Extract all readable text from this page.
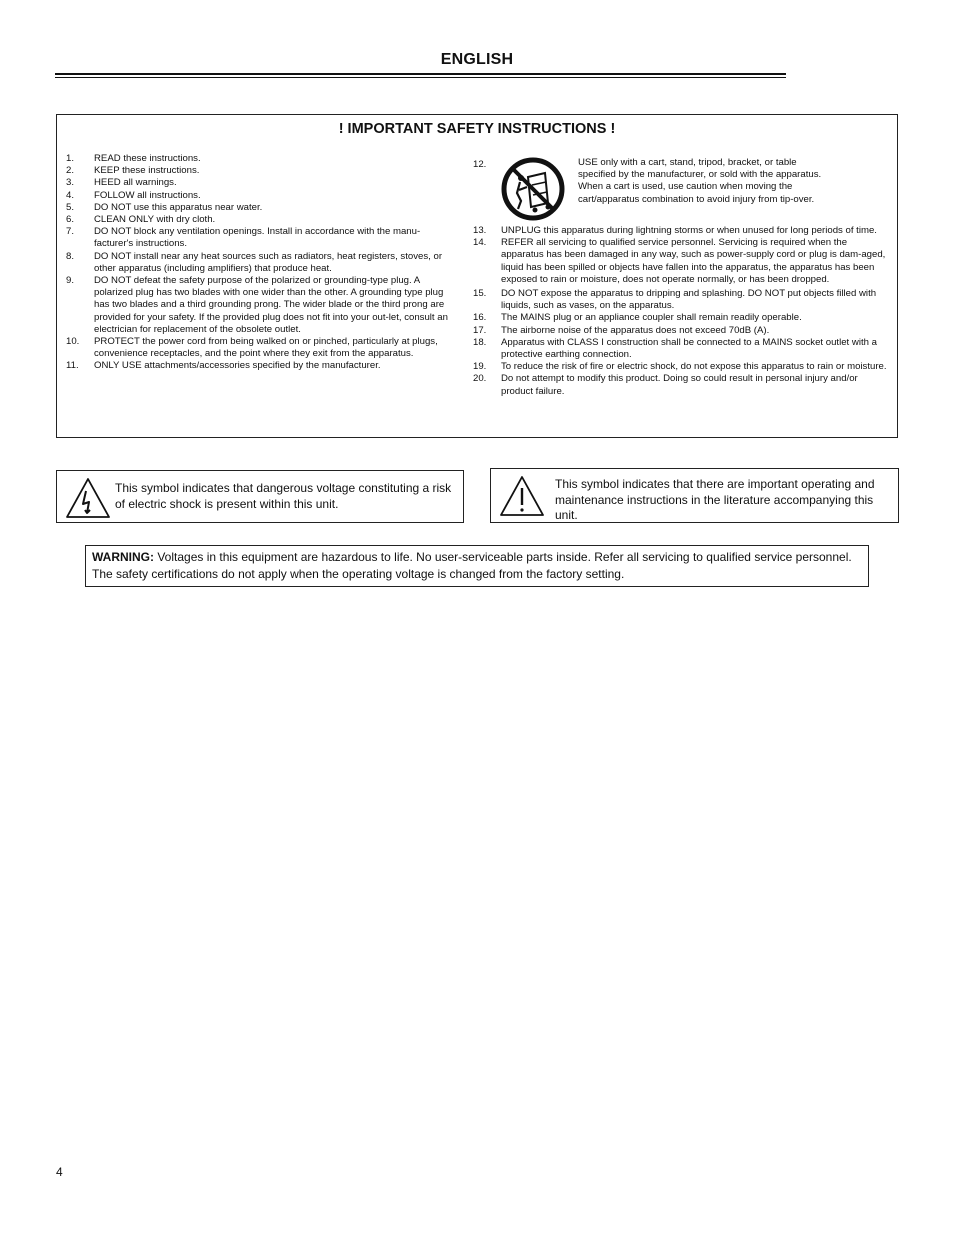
ENGLISH
! IMPORTANT SAFETY INSTRUCTIONS !
1.	READ these instructions.
2.	KEEP these instructions.
3.	HEED all warnings.
4.	FOLLOW all instructions.
5.	DO NOT use this apparatus near water.
6.	CLEAN ONLY with dry cloth.
7.	DO NOT block any ventilation openings. Install in accordance with the manu-facturer's instructions.
8.	DO NOT install near any heat sources such as radiators, heat registers, stoves, or other apparatus (including amplifiers) that produce heat.
9.	DO NOT defeat the safety purpose of the polarized or grounding-type plug. A polarized plug has two blades with one wider than the other. A grounding type plug has two blades and a third grounding prong. The wider blade or the third prong are provided for your safety. If the provided plug does not fit into your out-let, consult an electrician for replacement of the obsolete outlet.
10.	PROTECT the power cord from being walked on or pinched, particularly at plugs, convenience receptacles, and the point where they exit from the apparatus.
11.	ONLY USE attachments/accessories specified by the manufacturer.
12.	USE only with a cart, stand, tripod, bracket, or table specified by the manufacturer, or sold with the apparatus. When a cart is used, use caution when moving the cart/apparatus combination to avoid injury from tip-over.
13.	UNPLUG this apparatus during lightning storms or when unused for long periods of time.
14.	REFER all servicing to qualified service personnel. Servicing is required when the apparatus has been damaged in any way, such as power-supply cord or plug is dam-aged, liquid has been spilled or objects have fallen into the apparatus, the apparatus has been exposed to rain or moisture, does not operate normally, or has been dropped.
15.	DO NOT expose the apparatus to dripping and splashing. DO NOT put objects filled with liquids, such as vases, on the apparatus.
16.	The MAINS plug or an appliance coupler shall remain readily operable.
17.	The airborne noise of the apparatus does not exceed 70dB (A).
18.	Apparatus with CLASS I construction shall be connected to a MAINS socket outlet with a protective earthing connection.
19.	To reduce the risk of fire or electric shock, do not expose this apparatus to rain or moisture.
20.	Do not attempt to modify this product. Doing so could result in personal injury and/or product failure.
This symbol indicates that dangerous voltage constituting a risk of electric shock is present within this unit.
This symbol indicates that there are important operating and maintenance instructions in the literature accompanying this unit.
WARNING: Voltages in this equipment are hazardous to life. No user-serviceable parts inside. Refer all servicing to qualified service personnel. The safety certifications do not apply when the operating voltage is changed from the factory setting.
4
